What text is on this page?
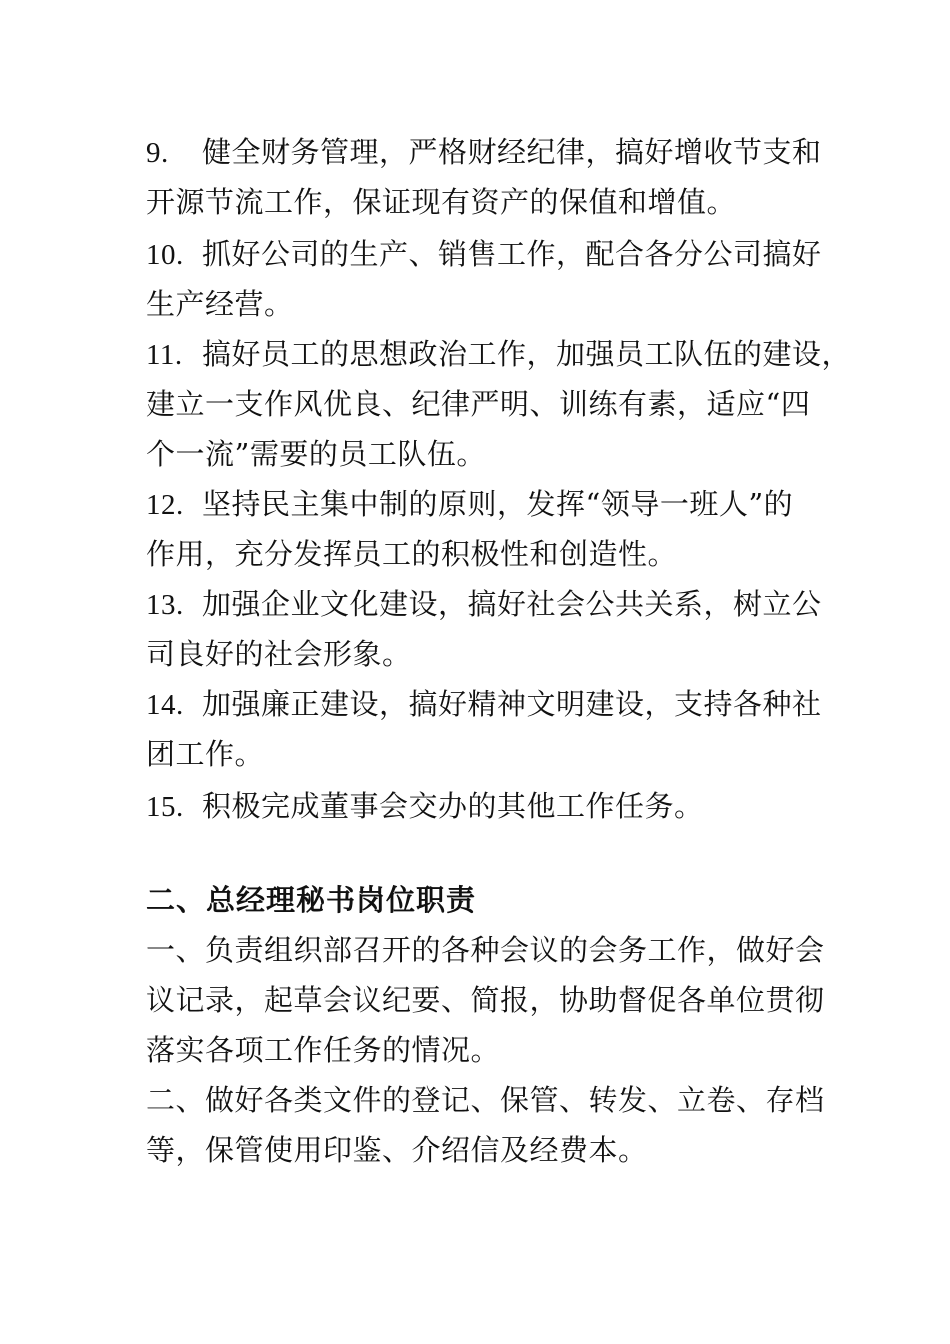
9. 健全财务管理，严格财经纪律，搞好增收节支和
开源节流工作，保证现有资产的保值和增值。
10. 抓好公司的生产、销售工作，配合各分公司搞好
生产经营。
11. 搞好员工的思想政治工作，加强员工队伍的建设，
建立一支作风优良、纪律严明、训练有素，适应“四
个一流”需要的员工队伍。
12. 坚持民主集中制的原则，发挥“领导一班人”的
作用，充分发挥员工的积极性和创造性。
13. 加强企业文化建设，搞好社会公共关系，树立公
司良好的社会形象。
14. 加强廉正建设，搞好精神文明建设，支持各种社
团工作。
15. 积极完成董事会交办的其他工作任务。
二、总经理秘书岗位职责
一、负责组织部召开的各种会议的会务工作，做好会
议记录，起草会议纪要、简报，协助督促各单位贯彻
落实各项工作任务的情况。
二、做好各类文件的登记、保管、转发、立卷、存档
等，保管使用印鉴、介绍信及经费本。
